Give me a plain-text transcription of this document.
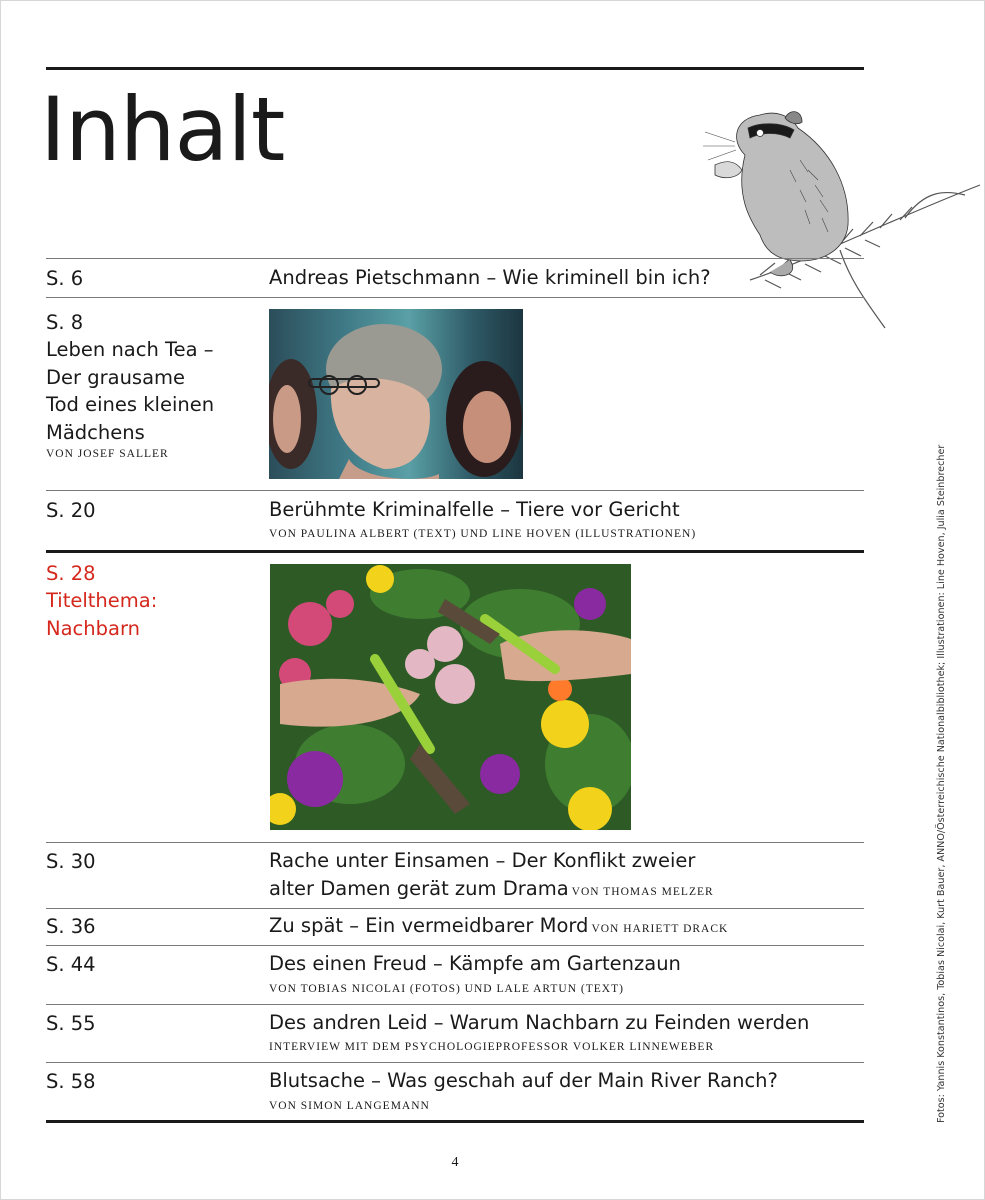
Inhalt
S. 6	Andreas Pietschmann – Wie kriminell bin ich?
S. 8
Leben nach Tea –
Der grausame
Tod eines kleinen
Mädchens
VON JOSEF SALLER
S. 20	Berühmte Kriminalfelle – Tiere vor Gericht
VON PAULINA ALBERT (TEXT) UND LINE HOVEN (ILLUSTRATIONEN)
S. 28
Titelthema:
Nachbarn
S. 30	Rache unter Einsamen – Der Konflikt zweier
alter Damen gerät zum Drama VON THOMAS MELZER
S. 36	Zu spät – Ein vermeidbarer Mord VON HARIETT DRACK
S. 44	Des einen Freud – Kämpfe am Gartenzaun
VON TOBIAS NICOLAI (FOTOS) UND LALE ARTUN (TEXT)
S. 55	Des andren Leid – Warum Nachbarn zu Feinden werden
INTERVIEW MIT DEM PSYCHOLOGIEPROFESSOR VOLKER LINNEWEBER
S. 58	Blutsache – Was geschah auf der Main River Ranch?
VON SIMON LANGEMANN
4
Fotos: Yannis Konstantinos, Tobias Nicolai, Kurt Bauer, ANNO/Österreichische Nationalbibliothek; Illustrationen: Line Hoven, Julia Steinbrecher
